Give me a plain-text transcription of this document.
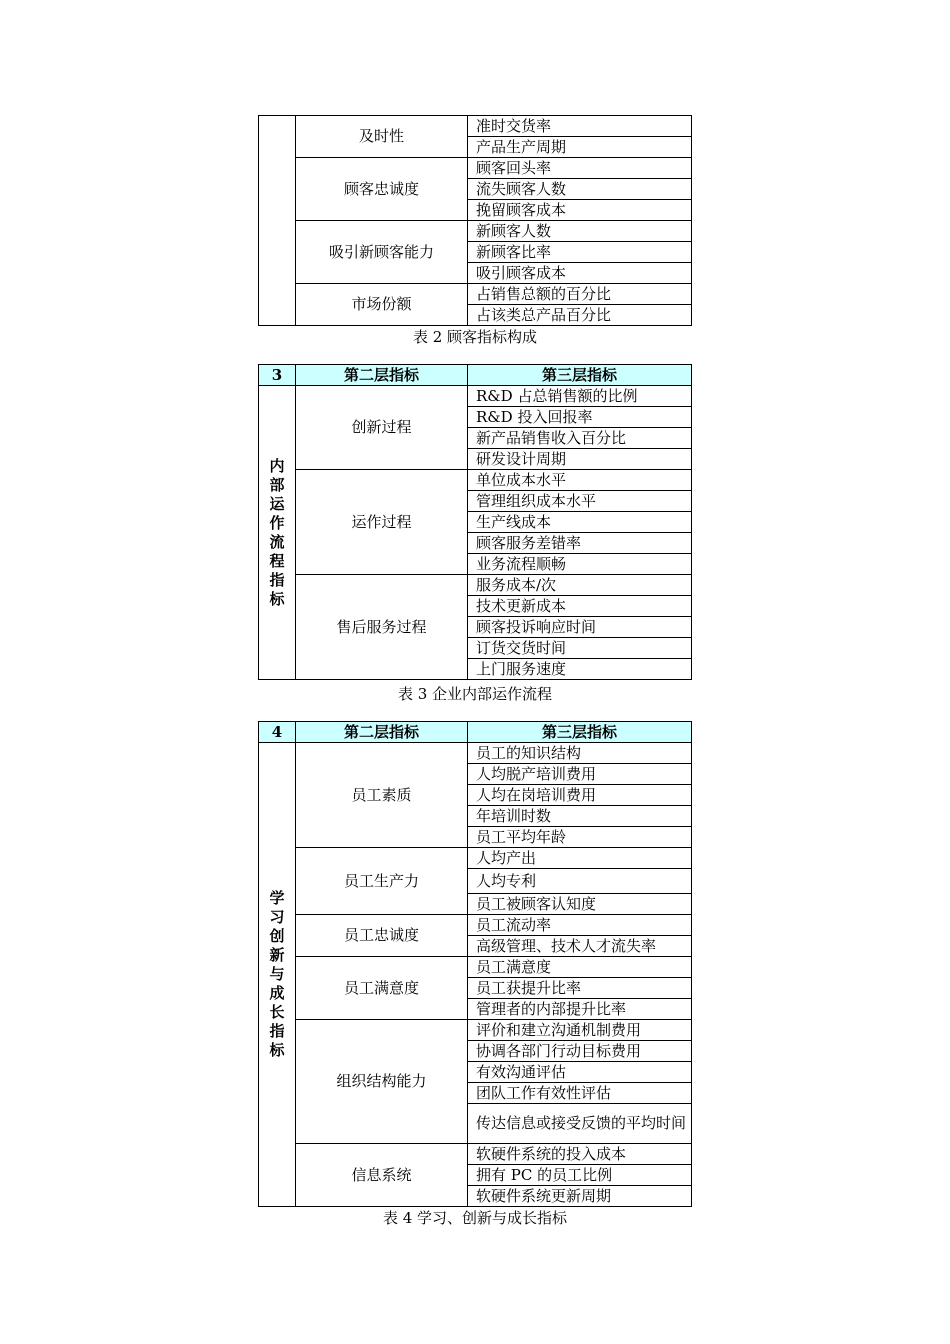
	及时性	准时交货率
		产品生产周期
	顾客忠诚度	顾客回头率
		流失顾客人数
		挽留顾客成本
	吸引新顾客能力	新顾客人数
		新顾客比率
		吸引顾客成本
	市场份额	占销售总额的百分比
		占该类总产品百分比
表 2 顾客指标构成
3	第二层指标	第三层指标
内部运作流程指标	创新过程	R&D 占总销售额的比例
		R&D 投入回报率
		新产品销售收入百分比
		研发设计周期
	运作过程	单位成本水平
		管理组织成本水平
		生产线成本
		顾客服务差错率
		业务流程顺畅
	售后服务过程	服务成本/次
		技术更新成本
		顾客投诉响应时间
		订货交货时间
		上门服务速度
表 3 企业内部运作流程
4	第二层指标	第三层指标
学习创新与成长指标	员工素质	员工的知识结构
		人均脱产培训费用
		人均在岗培训费用
		年培训时数
		员工平均年龄
	员工生产力	人均产出
		人均专利
		员工被顾客认知度
	员工忠诚度	员工流动率
		高级管理、技术人才流失率
	员工满意度	员工满意度
		员工获提升比率
		管理者的内部提升比率
	组织结构能力	评价和建立沟通机制费用
		协调各部门行动目标费用
		有效沟通评估
		团队工作有效性评估
		传达信息或接受反馈的平均时间
	信息系统	软硬件系统的投入成本
		拥有 PC 的员工比例
		软硬件系统更新周期
表 4 学习、创新与成长指标
